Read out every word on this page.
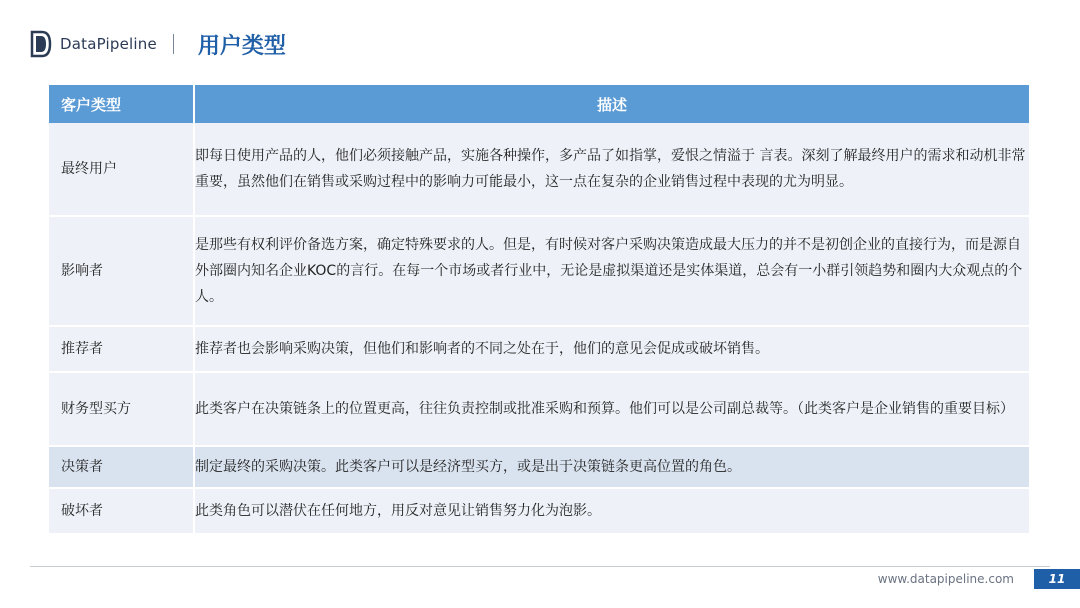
DataPipeline 用户类型
客户类型	描述
最终用户	即每日使用产品的人，他们必须接触产品，实施各种操作，多产品了如指掌，爱恨之情溢于 言表。深刻了解最终用户的需求和动机非常重要，虽然他们在销售或采购过程中的影响力可能最小，这一点在复杂的企业销售过程中表现的尤为明显。
影响者	是那些有权利评价备选方案，确定特殊要求的人。但是，有时候对客户采购决策造成最大压力的并不是初创企业的直接行为，而是源自外部圈内知名企业KOC的言行。在每一个市场或者行业中，无论是虚拟渠道还是实体渠道，总会有一小群引领趋势和圈内大众观点的个人。
推荐者	推荐者也会影响采购决策，但他们和影响者的不同之处在于，他们的意见会促成或破坏销售。
财务型买方	此类客户在决策链条上的位置更高，往往负责控制或批准采购和预算。他们可以是公司副总裁等。（此类客户是企业销售的重要目标）
决策者	制定最终的采购决策。此类客户可以是经济型买方，或是出于决策链条更高位置的角色。
破坏者	此类角色可以潜伏在任何地方，用反对意见让销售努力化为泡影。
www.datapipeline.com	11
